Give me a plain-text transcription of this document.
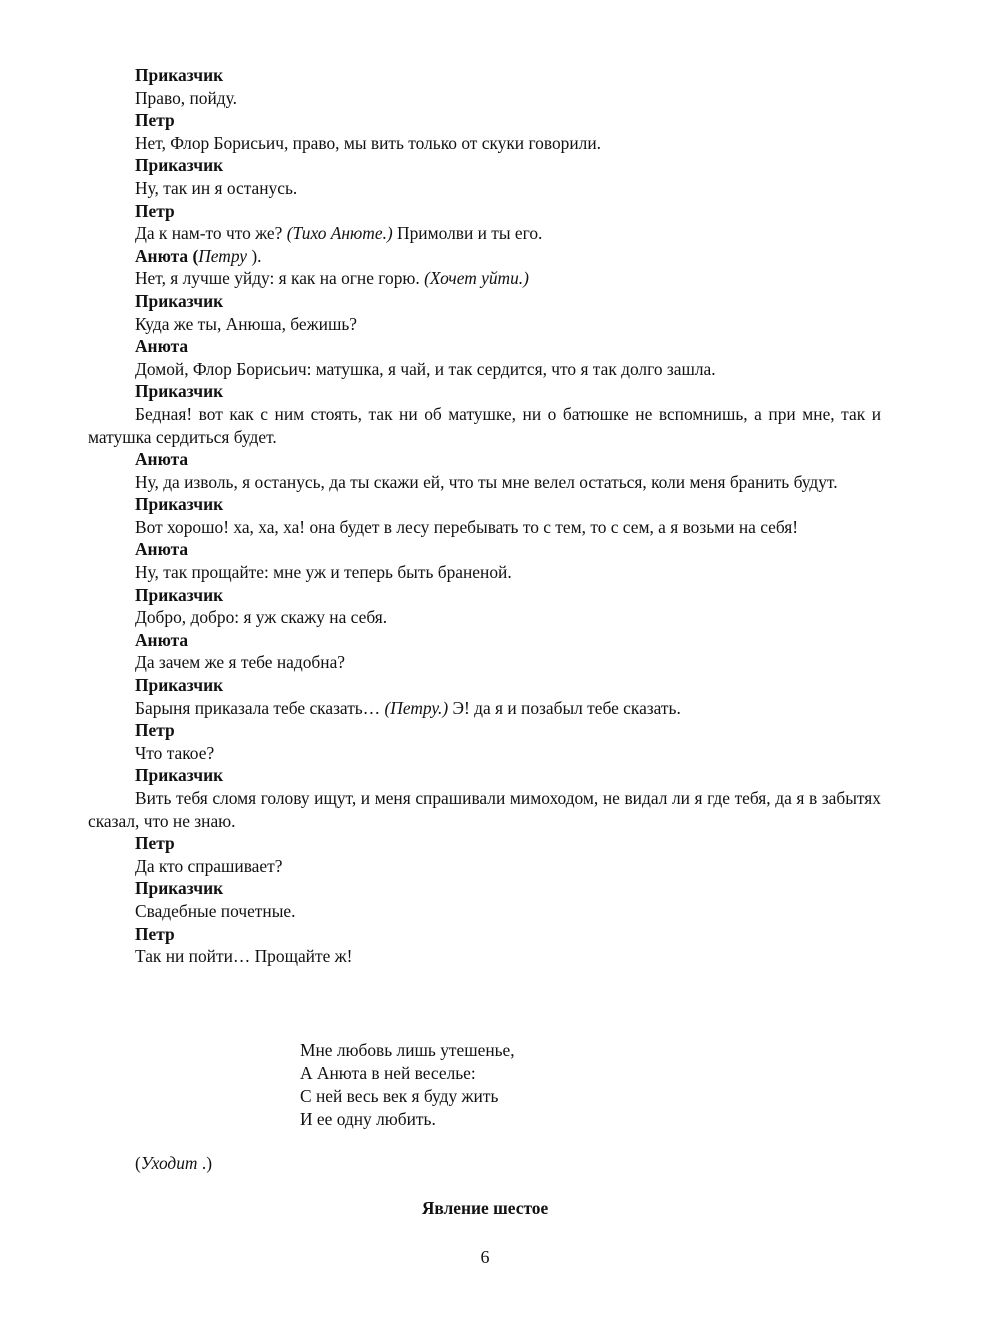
Приказчик

Право, пойду.

Петр

Нет, Флор Борисьич, право, мы вить только от скуки говорили.

Приказчик

Ну, так ин я останусь.

Петр

Да к нам-то что же? (Тихо Анюте.) Примолви и ты его.

Анюта (Петру ).

Нет, я лучше уйду: я как на огне горю. (Хочет уйти.)

Приказчик

Куда же ты, Анюша, бежишь?

Анюта

Домой, Флор Борисьич: матушка, я чай, и так сердится, что я так долго зашла.

Приказчик

Бедная! вот как с ним стоять, так ни об матушке, ни о батюшке не вспомнишь, а при мне, так и матушка сердиться будет.

Анюта

Ну, да изволь, я останусь, да ты скажи ей, что ты мне велел остаться, коли меня бранить будут.

Приказчик

Вот хорошо! ха, ха, ха! она будет в лесу перебывать то с тем, то с сем, а я возьми на себя!

Анюта

Ну, так прощайте: мне уж и теперь быть браненой.

Приказчик

Добро, добро: я уж скажу на себя.

Анюта

Да зачем же я тебе надобна?

Приказчик

Барыня приказала тебе сказать… (Петру.) Э! да я и позабыл тебе сказать.

Петр

Что такое?

Приказчик

Вить тебя сломя голову ищут, и меня спрашивали мимоходом, не видал ли я где тебя, да я в забытях сказал, что не знаю.

Петр

Да кто спрашивает?

Приказчик

Свадебные почетные.

Петр

Так ни пойти… Прощайте ж!

Мне любовь лишь утешенье,
А Анюта в ней веселье:
С ней весь век я буду жить
И ее одну любить.
(Уходит .)
Явление шестое
6
